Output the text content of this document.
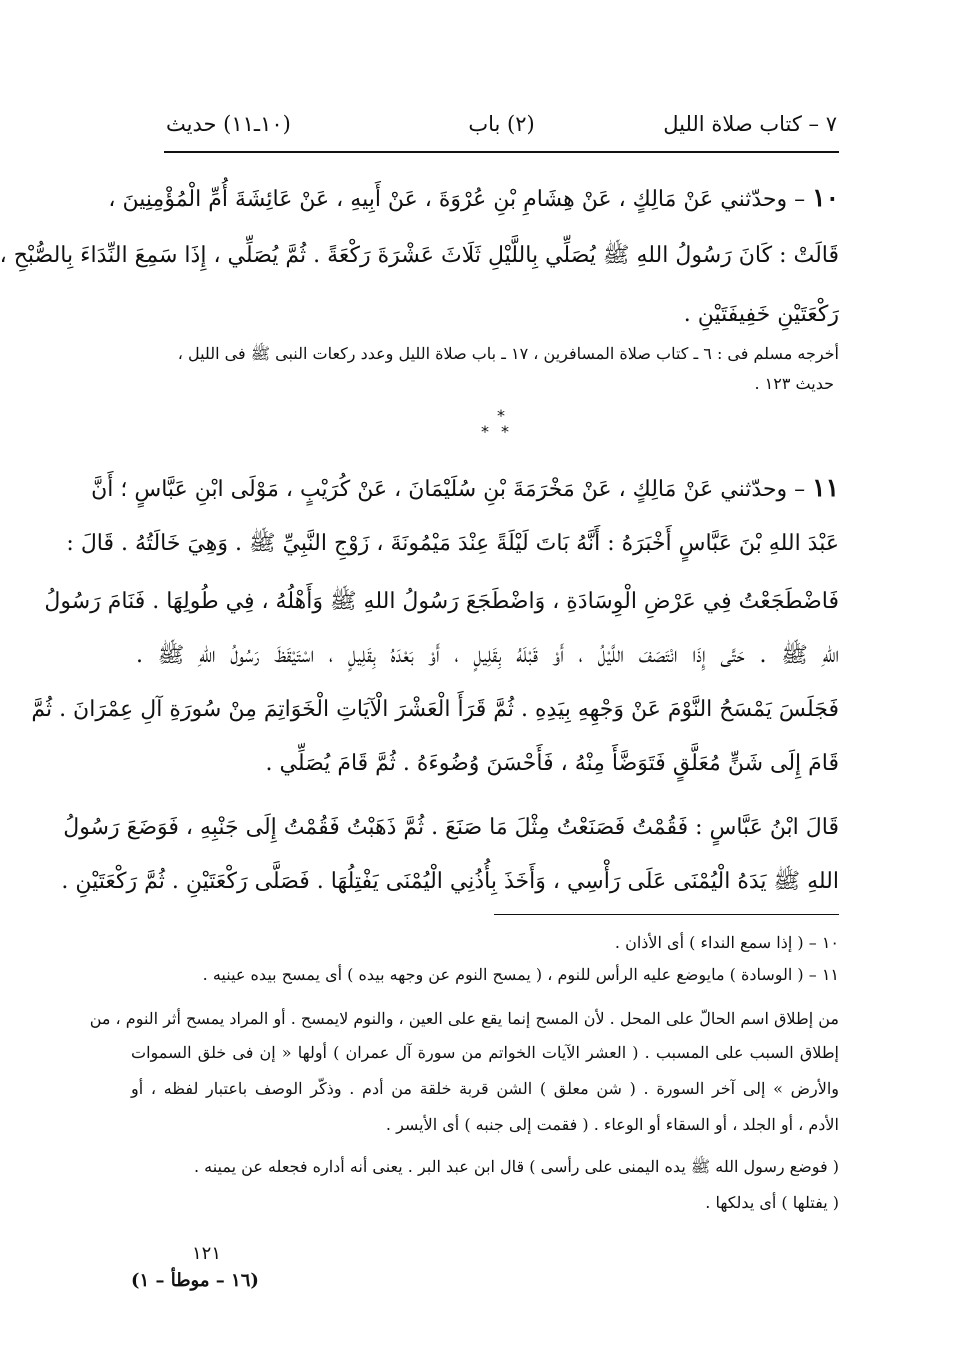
٧ – كتاب صلاة الليل
(٢) باب
(١٠ـ١١) حديث
١٠ – وحدّثني عَنْ مَالِكٍ ، عَنْ هِشَامِ بْنِ عُرْوَةَ ، عَنْ أَبِيهِ ، عَنْ عَائِشَةَ أُمِّ الْمُؤْمِنِينَ ،
قَالَتْ : كَانَ رَسُولُ اللهِ ﷺ يُصَلِّي بِاللَّيْلِ ثَلَاثَ عَشْرَةَ رَكْعَةً . ثُمَّ يُصَلِّي ، إِذَا سَمِعَ النِّدَاءَ بِالصُّبْحِ ،
رَكْعَتَيْنِ خَفِيفَتَيْنِ .
أخرجه مسلم فى : ٦ ـ كتاب صلاة المسافرين ، ١٧ ـ باب صلاة الليل وعدد ركعات النبى ﷺ فى الليل ،
حديث ١٢٣ .
*
**
١١ – وحدّثني عَنْ مَالِكٍ ، عَنْ مَخْرَمَةَ بْنِ سُلَيْمَانَ ، عَنْ كُرَيْبٍ ، مَوْلَى ابْنِ عَبَّاسٍ ؛ أَنَّ
عَبْدَ اللهِ بْنَ عَبَّاسٍ أَخْبَرَهُ : أَنَّهُ بَاتَ لَيْلَةً عِنْدَ مَيْمُونَةَ ، زَوْجِ النَّبِيِّ ﷺ . وَهِيَ خَالَتُهُ . قَالَ :
فَاضْطَجَعْتُ فِي عَرْضِ الْوِسَادَةِ ، وَاضْطَجَعَ رَسُولُ اللهِ ﷺ وَأَهْلُهُ ، فِي طُولِهَا . فَنَامَ رَسُولُ
اللهِ ﷺ . حَتَّى إِذَا انْتَصَفَ اللَّيْلُ ، أَوْ قَبْلَهُ بِقَلِيلٍ ، أَوْ بَعْدَهُ بِقَلِيلٍ ، اسْتَيْقَظَ رَسُولُ اللهِ ﷺ .
فَجَلَسَ يَمْسَحُ النَّوْمَ عَنْ وَجْهِهِ بِيَدِهِ . ثُمَّ قَرَأَ الْعَشْرَ الْآيَاتِ الْخَوَاتِمَ مِنْ سُورَةِ آلِ عِمْرَانَ . ثُمَّ
قَامَ إِلَى شَنٍّ مُعَلَّقٍ فَتَوَضَّأَ مِنْهُ ، فَأَحْسَنَ وُضُوءَهُ . ثُمَّ قَامَ يُصَلِّي .
قَالَ ابْنُ عَبَّاسٍ : فَقُمْتُ فَصَنَعْتُ مِثْلَ مَا صَنَعَ . ثُمَّ ذَهَبْتُ فَقُمْتُ إِلَى جَنْبِهِ ، فَوَضَعَ رَسُولُ
اللهِ ﷺ يَدَهُ الْيُمْنَى عَلَى رَأْسِي ، وَأَخَذَ بِأُذُنِي الْيُمْنَى يَفْتِلُهَا . فَصَلَّى رَكْعَتَيْنِ . ثُمَّ رَكْعَتَيْنِ .
١٠ – ( إذا سمع النداء ) أى الأذان .
١١ – ( الوسادة ) مايوضع عليه الرأس للنوم ، ( يمسح النوم عن وجهه بيده ) أى يمسح بيده عينيه .
من إطلاق اسم الحالّ على المحل . لأن المسح إنما يقع على العين ، والنوم لايمسح . أو المراد يمسح أثر النوم ، من
إطلاق السبب على المسبب . ( العشر الآيات الخواتم من سورة آل عمران ) أولها « إن فى خلق السموات
والأرض » إلى آخر السورة . ( شن معلق ) الشن قربة خلقة من أدم . وذكّر الوصف باعتبار لفظه ، أو
الأدم ، أو الجلد ، أو السقاء أو الوعاء . ( فقمت إلى جنبه ) أى الأيسر .
( فوضع رسول الله ﷺ يده اليمنى على رأسى ) قال ابن عبد البر . يعنى أنه أداره فجعله عن يمينه .
( يفتلها ) أى يدلكها .
١٢١
(١٦ – موطأ – ١)
